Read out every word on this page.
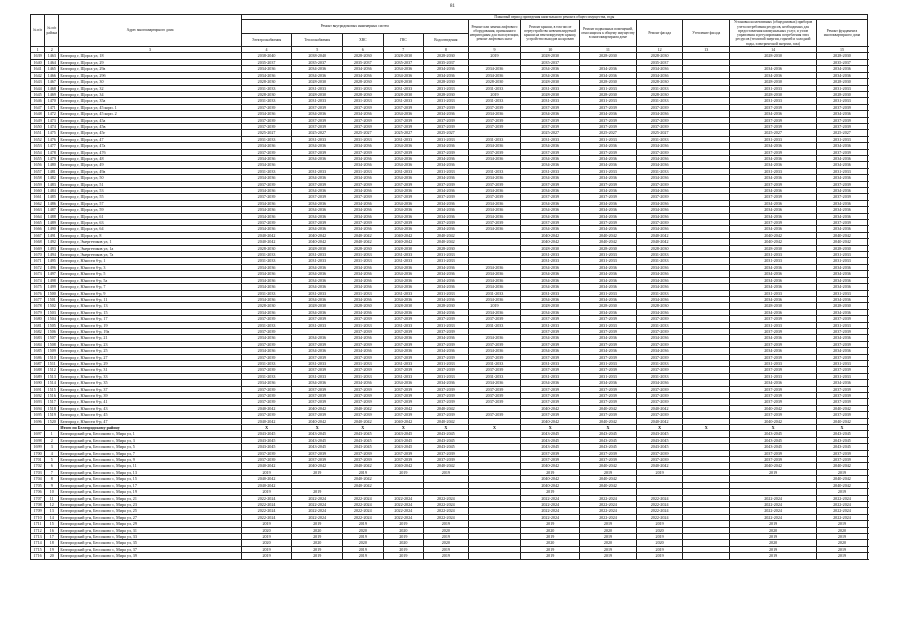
81
№ п/п	№ п/п района	Адрес многоквартирного дома	Плановый период проведения капитального ремонта общего имущества, годы												
			Ремонт внутридомовых инженерных систем					Ремонт или замена лифтового оборудования, признанного непригодным для эксплуатации, ремонт лифтовых шахт	Ремонт крыши, в том числе переустройство невентилируемой крыши на вентилируемую крышу, устройство выходов на кровлю	Ремонт подвальных помещений, относящихся к общему имуществу в многоквартирном доме	Ремонт фасада	Утепление фасада	Установка коллективных (общедомовых) приборов учета потребления ресурсов, необходимых для предоставления коммунальных услуг, и узлов управления и регулирования потребления этих ресурсов (тепловой энергии, горячей и холодной воды, электрической энергии, газа)	Ремонт фундамента многоквартирного дома	
			Электроснабжения	Теплоснабжения	ХВС	ГВС	Водоотведения								
1	2	3	4	5	6	7	8	9	10	11	12	13	14	15	
1639	1463	Белгород г, Щорса ул, 18	2038-2040	2038-2040	2028-2030	2028-2030	2028-2030	2019	2028-2030	2028-2030	2028-2030		2028-2030	2028-2030	
1640	1464	Белгород г, Щорса ул, 29	2035-2037	2035-2037	2035-2037	2035-2037	2035-2037		2035-2037		2035-2037			2035-2037	
1641	1465	Белгород г, Щорса ул, 29а	2034-2036	2034-2036	2034-2036	2034-2036	2034-2036	2034-2036	2034-2036	2034-2036	2034-2036		2034-2036	2034-2036	
1642	1466	Белгород г, Щорса ул, 29б	2034-2036	2034-2036	2034-2036	2034-2036	2034-2036	2034-2036	2034-2036	2034-2036	2034-2036		2034-2036	2034-2036	
1643	1467	Белгород г, Щорса ул, 30	2028-2030	2028-2030	2028-2030	2028-2030	2028-2030	2028-2030	2028-2030	2028-2030	2028-2030		2028-2030	2028-2030	
1644	1468	Белгород г, Щорса ул, 32	2031-2033	2031-2033	2031-2033	2031-2033	2031-2033	2031-2033	2031-2033	2031-2033	2031-2033		2031-2033	2031-2033	
1645	1469	Белгород г, Щорса ул, 34	2028-2030	2028-2030	2028-2030	2028-2030	2028-2030	2019	2028-2030	2028-2030	2028-2030		2028-2030	2028-2030	
1646	1470	Белгород г, Щорса ул, 35а	2031-2033	2031-2033	2031-2033	2031-2033	2031-2033	2031-2033	2031-2033	2031-2033	2031-2033		2031-2033	2031-2033	
1647	1471	Белгород г, Щорса ул, 45 корп. 1	2037-2039	2037-2039	2037-2039	2037-2039	2037-2039	2037-2039	2037-2039	2037-2039	2037-2039		2037-2039	2037-2039	
1648	1472	Белгород г, Щорса ул, 45 корп. 2	2034-2036	2034-2036	2034-2036	2034-2036	2034-2036	2034-2036	2034-2036	2034-2036	2034-2036		2034-2036	2034-2036	
1649	1473	Белгород г, Щорса ул, 45а	2037-2039	2037-2039	2037-2039	2037-2039	2037-2039	2037-2039	2037-2039	2037-2039	2037-2039		2037-2039	2037-2039	
1650	1474	Белгород г, Щорса ул, 45в	2037-2039	2037-2039	2037-2039	2037-2039	2037-2039	2037-2039	2037-2039	2037-2039	2037-2039		2037-2039	2037-2039	
1651	1475	Белгород г, Щорса ул, 45г	2025-2027	2025-2027	2025-2027	2025-2027	2025-2027		2025-2027	2025-2027	2025-2027		2025-2027	2025-2027	
1652	1476	Белгород г, Щорса ул, 47	2031-2033	2031-2033	2031-2033	2031-2033	2031-2033	2031-2033	2031-2033	2031-2033	2031-2033		2031-2033	2031-2033	
1653	1477	Белгород г, Щорса ул, 47а	2034-2036	2034-2036	2034-2036	2034-2036	2034-2036	2034-2036	2034-2036	2034-2036	2034-2036		2034-2036	2034-2036	
1654	1478	Белгород г, Щорса ул, 47б	2037-2039	2037-2039	2037-2039	2037-2039	2037-2039	2037-2039	2037-2039	2037-2039	2037-2039		2037-2039	2037-2039	
1655	1479	Белгород г, Щорса ул, 48	2034-2036	2034-2036	2034-2036	2034-2036	2034-2036	2034-2036	2034-2036	2034-2036	2034-2036		2034-2036	2034-2036	
1656	1480	Белгород г, Щорса ул, 49	2034-2036		2034-2036	2034-2036	2034-2036		2034-2036	2034-2036	2034-2036		2034-2036	2034-2036	
1657	1481	Белгород г, Щорса ул, 49а	2031-2033	2031-2033	2031-2033	2031-2033	2031-2033	2031-2033	2031-2033	2031-2033	2031-2033		2031-2033	2031-2033	
1658	1482	Белгород г, Щорса ул, 50	2034-2036	2034-2036	2034-2036	2034-2036	2034-2036	2034-2036	2034-2036	2034-2036	2034-2036		2034-2036	2034-2036	
1659	1483	Белгород г, Щорса ул, 51	2037-2039	2037-2039	2037-2039	2037-2039	2037-2039	2037-2039	2037-2039	2037-2039	2037-2039		2037-2039	2037-2039	
1660	1484	Белгород г, Щорса ул, 53	2034-2036	2034-2036	2034-2036	2034-2036	2034-2036	2034-2036	2034-2036	2034-2036	2034-2036		2034-2036	2034-2036	
1661	1485	Белгород г, Щорса ул, 55	2037-2039	2037-2039	2037-2039	2037-2039	2037-2039	2037-2039	2037-2039	2037-2039	2037-2039		2037-2039	2037-2039	
1662	1486	Белгород г, Щорса ул, 57	2034-2036	2034-2036	2034-2036	2034-2036	2034-2036	2034-2036	2034-2036	2034-2036	2034-2036		2034-2036	2034-2036	
1663	1487	Белгород г, Щорса ул, 59	2034-2036	2034-2036	2034-2036	2034-2036	2034-2036	2034-2036	2034-2036	2034-2036	2034-2036		2034-2036	2034-2036	
1664	1488	Белгород г, Щорса ул, 61	2034-2036	2034-2036	2034-2036	2034-2036	2034-2036	2034-2036	2034-2036	2034-2036	2034-2036		2034-2036	2034-2036	
1665	1489	Белгород г, Щорса ул, 63	2037-2039	2037-2039	2037-2039	2037-2039	2037-2039	2037-2039	2037-2039	2037-2039	2037-2039		2037-2039	2037-2039	
1666	1490	Белгород г, Щорса ул, 64	2034-2036	2034-2036	2034-2036	2034-2036	2034-2036	2034-2036	2034-2036	2034-2036	2034-2036		2034-2036	2034-2036	
1667	1491	Белгород г, Щорса ул, 8	2040-2042	2040-2042	2040-2042	2040-2042	2040-2042		2040-2042	2040-2042	2040-2042		2040-2042	2040-2042	
1668	1492	Белгород г, Энергетиков ул, 1	2040-2042	2040-2042	2040-2042	2040-2042	2040-2042		2040-2042	2040-2042	2040-2042		2040-2042	2040-2042	
1669	1493	Белгород г, Энергетиков ул, 1а	2028-2030	2028-2030	2028-2030	2028-2030	2028-2030		2028-2030	2028-2030	2028-2030		2028-2030	2028-2030	
1670	1494	Белгород г, Энергетиков ул, 7а	2031-2033	2031-2033	2031-2033	2031-2033	2031-2033		2031-2033	2031-2033	2031-2033		2031-2033	2031-2033	
1671	1495	Белгород г, Юности б-р, 1	2031-2033	2031-2033	2031-2033	2031-2033	2031-2033		2031-2033	2031-2033	2031-2033		2031-2033	2031-2033	
1672	1496	Белгород г, Юности б-р, 3	2034-2036	2034-2036	2034-2036	2034-2036	2034-2036	2034-2036	2034-2036	2034-2036	2034-2036		2034-2036	2034-2036	
1673	1497	Белгород г, Юности б-р, 5	2034-2036	2034-2036	2034-2036	2034-2036	2034-2036	2034-2036	2034-2036	2034-2036	2034-2036		2034-2036	2034-2036	
1674	1498	Белгород г, Юности б-р, 5а	2034-2036	2034-2036	2034-2036	2034-2036	2034-2036	2034-2036	2034-2036	2034-2036	2034-2036		2034-2036	2034-2036	
1675	1499	Белгород г, Юности б-р, 7	2034-2036	2034-2036	2034-2036	2034-2036	2034-2036	2034-2036	2034-2036	2034-2036	2034-2036		2034-2036	2034-2036	
1676	1500	Белгород г, Юности б-р, 9	2031-2033	2031-2033	2031-2033	2031-2033	2031-2033	2031-2033	2031-2033	2031-2033	2031-2033		2031-2033	2031-2033	
1677	1501	Белгород г, Юности б-р, 11	2034-2036	2034-2036	2034-2036	2034-2036	2034-2036	2034-2036	2034-2036	2034-2036	2034-2036		2034-2036	2034-2036	
1678	1502	Белгород г, Юности б-р, 13	2028-2030	2028-2030	2028-2030	2028-2030	2028-2030	2019	2028-2030	2028-2030	2028-2030		2028-2030	2028-2030	
1679	1503	Белгород г, Юности б-р, 15	2034-2036	2034-2036	2034-2036	2034-2036	2034-2036	2034-2036	2034-2036	2034-2036	2034-2036		2034-2036	2034-2036	
1680	1504	Белгород г, Юности б-р, 17	2037-2039	2037-2039	2037-2039	2037-2039	2037-2039	2037-2039	2037-2039	2037-2039	2037-2039		2037-2039	2037-2039	
1681	1505	Белгород г, Юности б-р, 19	2031-2033	2031-2033	2031-2033	2031-2033	2031-2033	2031-2033	2031-2033	2031-2033	2031-2033		2031-2033	2031-2033	
1682	1506	Белгород г, Юности б-р, 19а	2037-2039		2037-2039	2037-2039	2037-2039		2037-2039	2037-2039	2037-2039		2037-2039	2037-2039	
1683	1507	Белгород г, Юности б-р, 21	2034-2036	2034-2036	2034-2036	2034-2036	2034-2036	2034-2036	2034-2036	2034-2036	2034-2036		2034-2036	2034-2036	
1684	1508	Белгород г, Юности б-р, 23	2037-2039	2037-2039	2037-2039	2037-2039	2037-2039	2037-2039	2037-2039	2037-2039	2037-2039		2037-2039	2037-2039	
1685	1509	Белгород г, Юности б-р, 25	2034-2036	2034-2036	2034-2036	2034-2036	2034-2036	2034-2036	2034-2036	2034-2036	2034-2036		2034-2036	2034-2036	
1686	1510	Белгород г, Юности б-р, 27	2037-2039	2037-2039	2037-2039	2037-2039	2037-2039	2037-2039	2037-2039	2037-2039	2037-2039		2037-2039	2037-2039	
1687	1511	Белгород г, Юности б-р, 29	2031-2033	2031-2033	2031-2033	2031-2033	2031-2033	2031-2033	2031-2033	2031-2033	2031-2033		2031-2033	2031-2033	
1688	1512	Белгород г, Юности б-р, 31	2037-2039	2037-2039	2037-2039	2037-2039	2037-2039	2037-2039	2037-2039	2037-2039	2037-2039		2037-2039	2037-2039	
1689	1513	Белгород г, Юности б-р, 33	2031-2033	2031-2033	2031-2033	2031-2033	2031-2033	2031-2033	2031-2033	2031-2033	2031-2033		2031-2033	2031-2033	
1690	1514	Белгород г, Юности б-р, 35	2034-2036	2034-2036	2034-2036	2034-2036	2034-2036	2034-2036	2034-2036	2034-2036	2034-2036		2034-2036	2034-2036	
1691	1515	Белгород г, Юности б-р, 37	2037-2039	2037-2039	2037-2039	2037-2039	2037-2039	2037-2039	2037-2039	2037-2039	2037-2039		2037-2039	2037-2039	
1692	1516	Белгород г, Юности б-р, 39	2037-2039	2037-2039	2037-2039	2037-2039	2037-2039	2037-2039	2037-2039	2037-2039	2037-2039		2037-2039	2037-2039	
1693	1517	Белгород г, Юности б-р, 41	2037-2039	2037-2039	2037-2039	2037-2039	2037-2039	2037-2039	2037-2039	2037-2039	2037-2039		2037-2039	2037-2039	
1694	1518	Белгород г, Юности б-р, 43	2040-2042	2040-2042	2040-2042	2040-2042	2040-2042		2040-2042	2040-2042	2040-2042		2040-2042	2040-2042	
1695	1519	Белгород г, Юности б-р, 45	2037-2039	2037-2039	2037-2039	2037-2039	2037-2039	2037-2039	2037-2039	2037-2039	2037-2039		2037-2039	2037-2039	
1696	1520	Белгород г, Юности б-р, 47	2040-2042	2040-2042	2040-2042	2040-2042	2040-2042		2040-2042	2040-2042	2040-2042		2040-2042	2040-2042	
		Итого по Белгородскому району	X	X	X	X	X	X	X	X	X	X	X	X	
1697	1	Белгородский р-н, Бессоново с, Мира ул, 1	2043-2045	2043-2045	2043-2045	2043-2045	2043-2045		2043-2045	2043-2045	2043-2045		2043-2045	2043-2045	
1698	2	Белгородский р-н, Бессоново с, Мира ул, 3	2043-2045	2043-2045	2043-2045	2043-2045	2043-2045		2043-2045	2043-2045	2043-2045		2043-2045	2043-2045	
1699	3	Белгородский р-н, Бессоново с, Мира ул, 5	2043-2045	2043-2045	2043-2045	2043-2045	2043-2045		2043-2045	2043-2045	2043-2045		2043-2045	2043-2045	
1700	4	Белгородский р-н, Бессоново с, Мира ул, 7	2037-2039	2037-2039	2037-2039	2037-2039	2037-2039		2037-2039	2037-2039	2037-2039		2037-2039	2037-2039	
1701	5	Белгородский р-н, Бессоново с, Мира ул, 9	2037-2039	2037-2039	2037-2039	2037-2039	2037-2039		2037-2039	2037-2039	2037-2039		2037-2039	2037-2039	
1702	6	Белгородский р-н, Бессоново с, Мира ул, 11	2040-2042	2040-2042	2040-2042	2040-2042	2040-2042		2040-2042	2040-2042	2040-2042		2040-2042	2040-2042	
1703	7	Белгородский р-н, Бессоново с, Мира ул, 13	2019	2019	2019	2019	2019		2019	2019	2019		2019	2019	
1704	8	Белгородский р-н, Бессоново с, Мира ул, 15	2040-2042		2040-2042				2040-2042	2040-2042				2040-2042	
1705	9	Белгородский р-н, Бессоново с, Мира ул, 17	2040-2042		2040-2042				2040-2042	2040-2042				2040-2042	
1706	10	Белгородский р-н, Бессоново с, Мира ул, 19	2019	2019					2019					2019	
1707	11	Белгородский р-н, Бессоново с, Мира ул, 21	2022-2024	2022-2024	2022-2024	2022-2024	2022-2024		2022-2024	2022-2024	2022-2024		2022-2024	2022-2024	
1708	12	Белгородский р-н, Бессоново с, Мира ул, 23	2022-2024	2022-2024	2022-2024	2022-2024	2022-2024		2022-2024	2022-2024	2022-2024		2022-2024	2022-2024	
1709	13	Белгородский р-н, Бессоново с, Мира ул, 25	2022-2024	2022-2024	2022-2024	2022-2024	2022-2024		2022-2024	2022-2024	2022-2024		2022-2024	2022-2024	
1710	14	Белгородский р-н, Бессоново с, Мира ул, 27	2022-2024	2022-2024	2022-2024	2022-2024	2022-2024		2022-2024	2022-2024	2022-2024		2022-2024	2022-2024	
1711	15	Белгородский р-н, Бессоново с, Мира ул, 29	2019	2019	2019	2019	2019		2019	2019	2019		2019	2019	
1712	16	Белгородский р-н, Бессоново с, Мира ул, 31	2020	2020	2020	2020	2020		2020	2020	2020		2020	2020	
1713	17	Белгородский р-н, Бессоново с, Мира ул, 33	2019	2019	2019	2019	2019		2019	2019	2019		2019	2019	
1714	18	Белгородский р-н, Бессоново с, Мира ул, 35	2020	2020	2020	2020	2020		2020	2020	2020		2020	2020	
1715	19	Белгородский р-н, Бессоново с, Мира ул, 37	2019	2019	2019	2019	2019		2019	2019	2019		2019	2019	
1716	20	Белгородский р-н, Бессоново с, Мира ул, 39	2019	2019	2019	2019	2019		2019	2019	2019		2019	2019	
